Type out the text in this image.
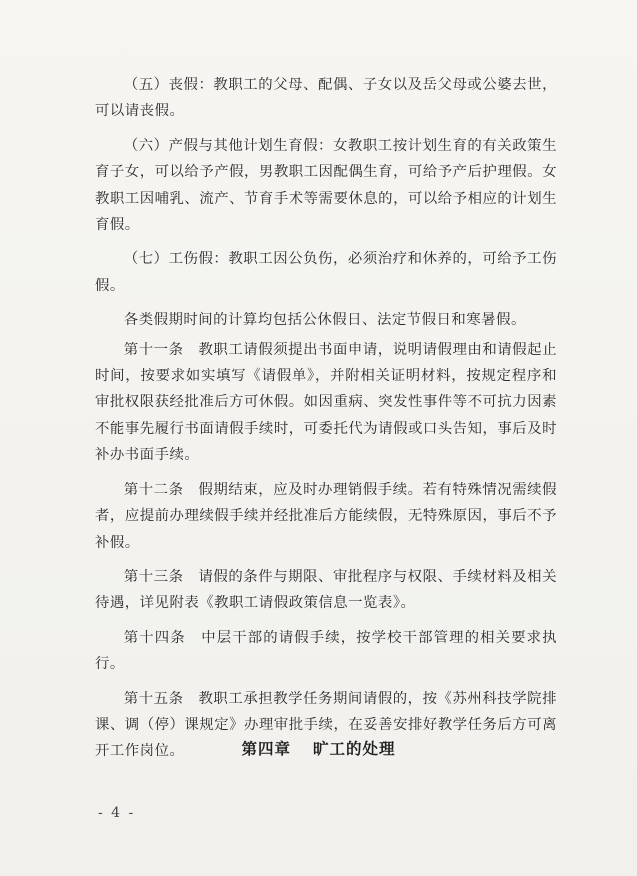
（五）丧假：教职工的父母、配偶、子女以及岳父母或公婆去世，可以请丧假。

（六）产假与其他计划生育假：女教职工按计划生育的有关政策生育子女，可以给予产假，男教职工因配偶生育，可给予产后护理假。女教职工因哺乳、流产、节育手术等需要休息的，可以给予相应的计划生育假。

（七）工伤假：教职工因公负伤，必须治疗和休养的，可给予工伤假。

各类假期时间的计算均包括公休假日、法定节假日和寒暑假。

第十一条　教职工请假须提出书面申请，说明请假理由和请假起止时间，按要求如实填写《请假单》，并附相关证明材料，按规定程序和审批权限获经批准后方可休假。如因重病、突发性事件等不可抗力因素不能事先履行书面请假手续时，可委托代为请假或口头告知，事后及时补办书面手续。

第十二条　假期结束，应及时办理销假手续。若有特殊情况需续假者，应提前办理续假手续并经批准后方能续假，无特殊原因，事后不予补假。

第十三条　请假的条件与期限、审批程序与权限、手续材料及相关待遇，详见附表《教职工请假政策信息一览表》。

第十四条　中层干部的请假手续，按学校干部管理的相关要求执行。

第十五条　教职工承担教学任务期间请假的，按《苏州科技学院排课、调（停）课规定》办理审批手续，在妥善安排好教学任务后方可离开工作岗位。	第四章 旷工的处理
- 4 -
